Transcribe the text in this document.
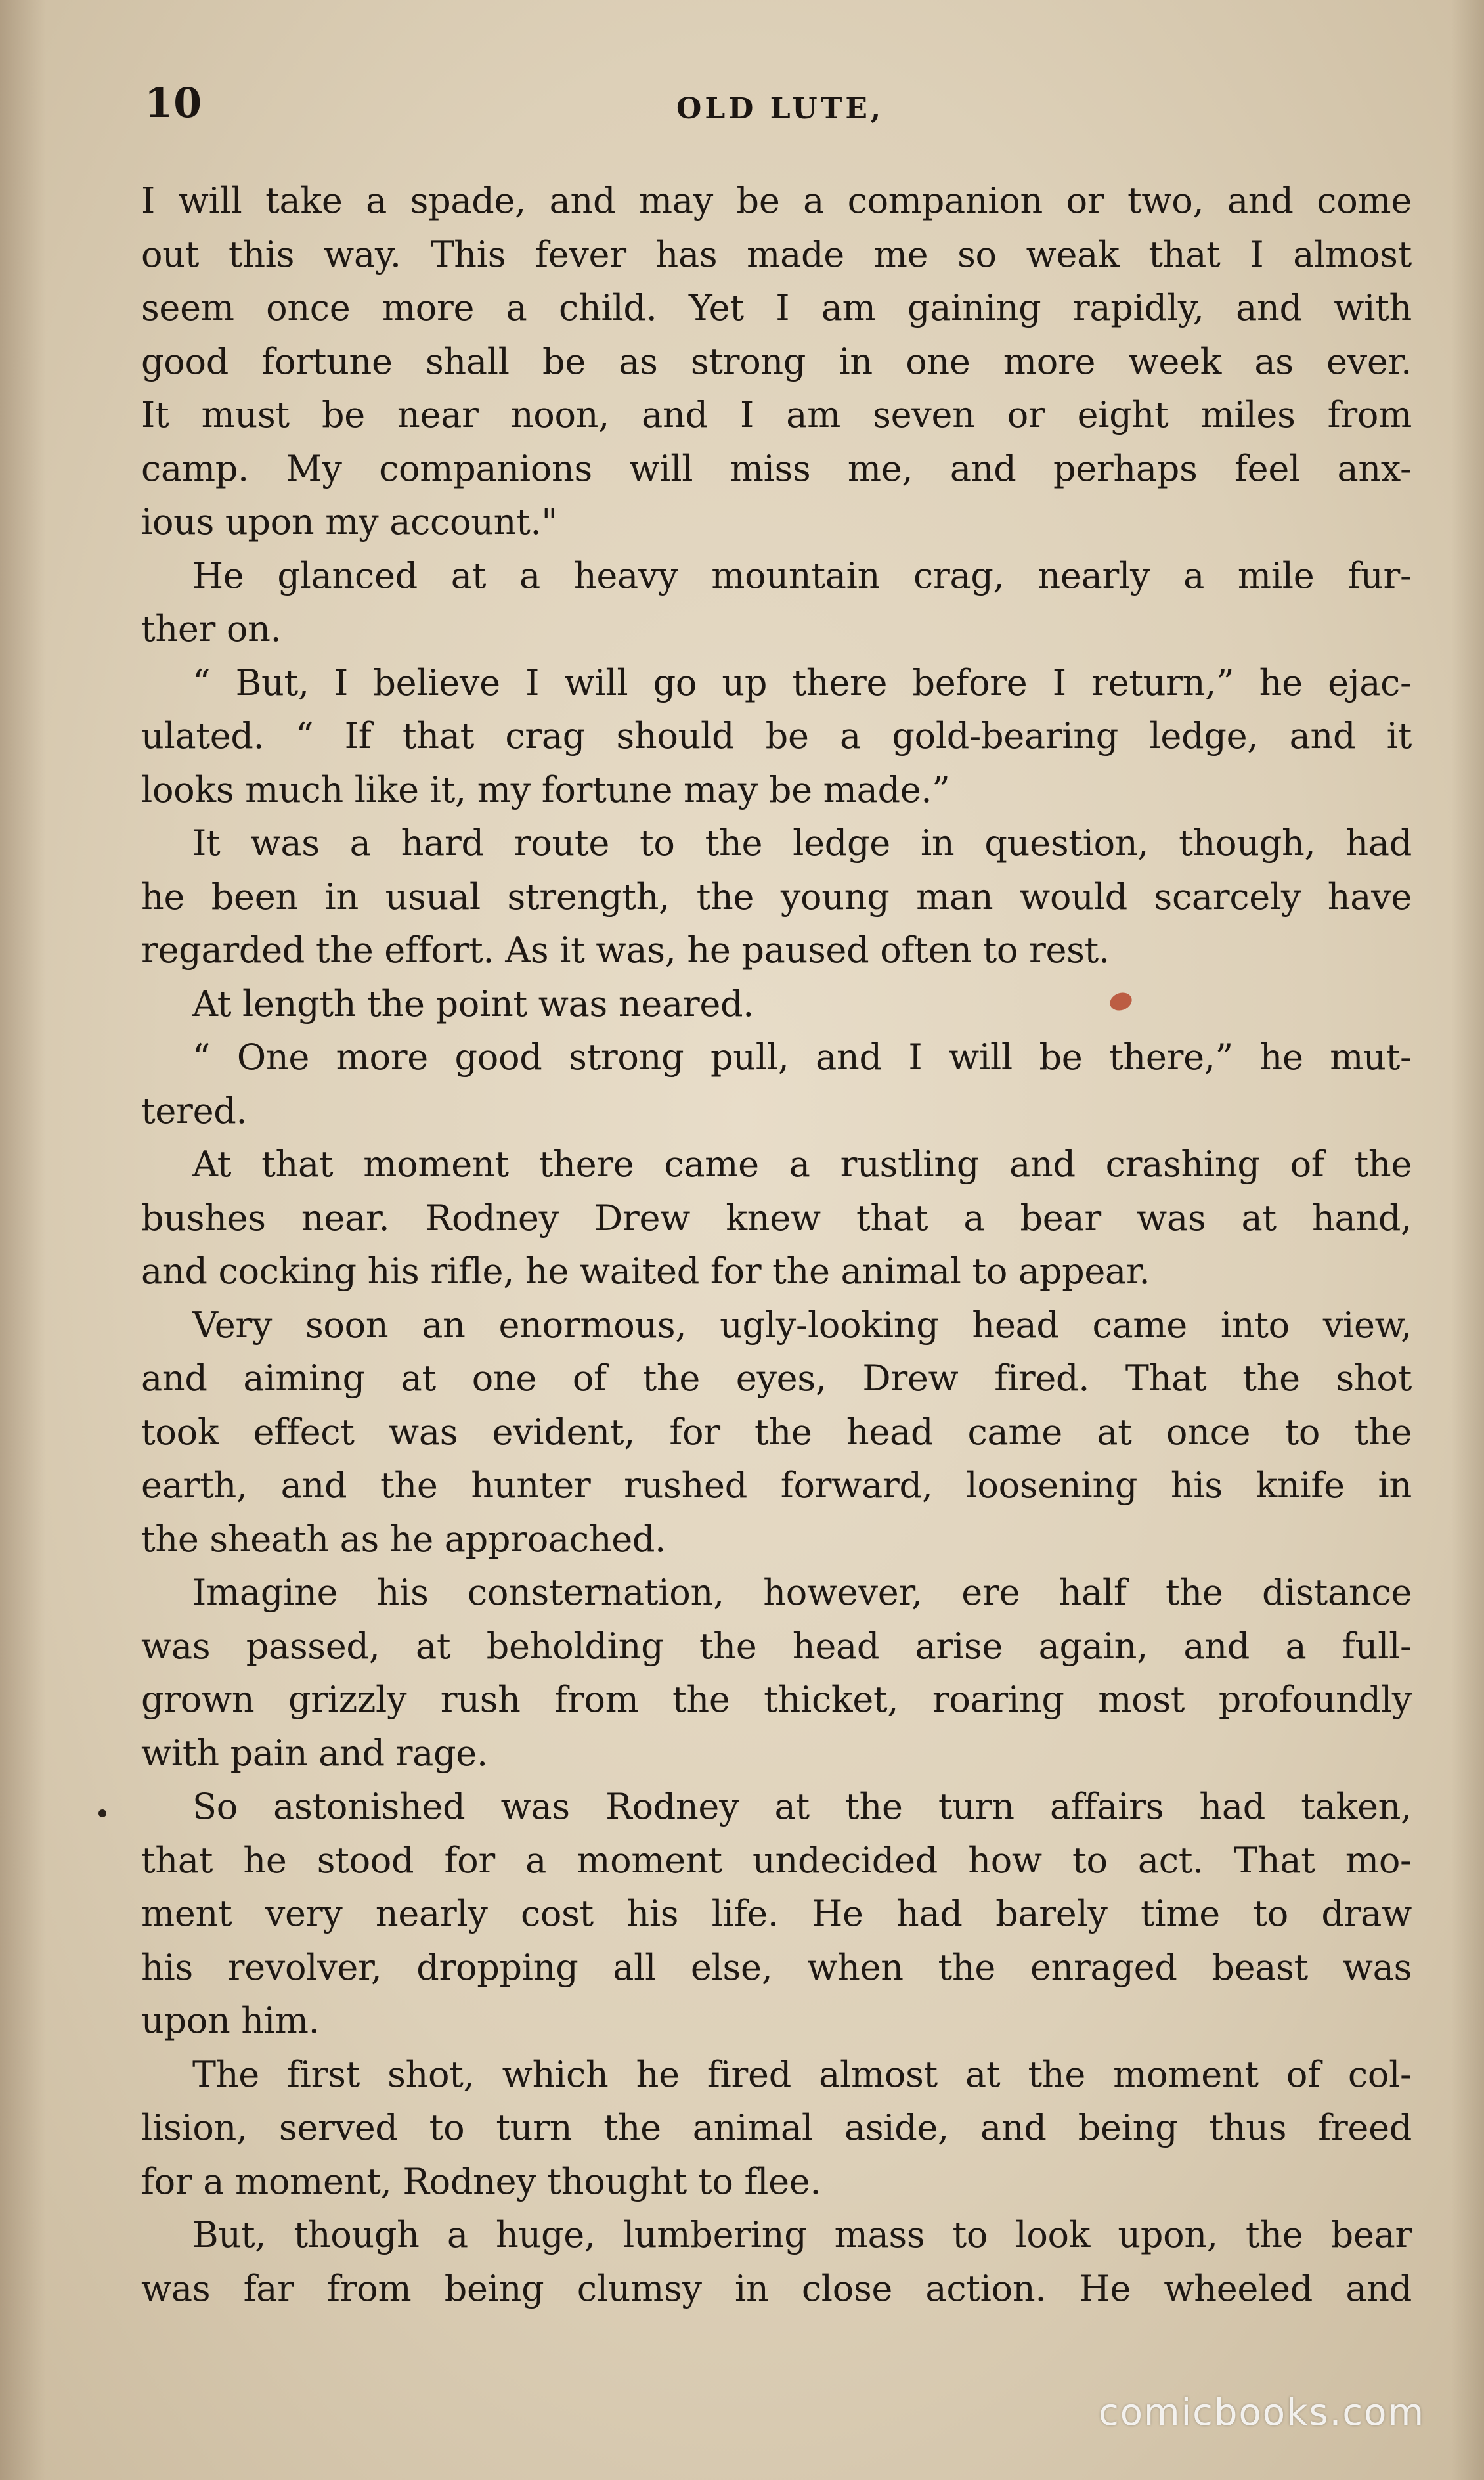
10	OLD LUTE,
I will take a spade, and may be a companion or two, and come
out this way. This fever has made me so weak that I almost
seem once more a child. Yet I am gaining rapidly, and with
good fortune shall be as strong in one more week as ever.
It must be near noon, and I am seven or eight miles from
camp. My companions will miss me, and perhaps feel anx-
ious upon my account."
He glanced at a heavy mountain crag, nearly a mile fur-
ther on.
“ But, I believe I will go up there before I return,” he ejac-
ulated. “ If that crag should be a gold-bearing ledge, and it
looks much like it, my fortune may be made.”
It was a hard route to the ledge in question, though, had
he been in usual strength, the young man would scarcely have
regarded the effort. As it was, he paused often to rest.
At length the point was neared.
“ One more good strong pull, and I will be there,” he mut-
tered.
At that moment there came a rustling and crashing of the
bushes near. Rodney Drew knew that a bear was at hand,
and cocking his rifle, he waited for the animal to appear.
Very soon an enormous, ugly-looking head came into view,
and aiming at one of the eyes, Drew fired. That the shot
took effect was evident, for the head came at once to the
earth, and the hunter rushed forward, loosening his knife in
the sheath as he approached.
Imagine his consternation, however, ere half the distance
was passed, at beholding the head arise again, and a full-
grown grizzly rush from the thicket, roaring most profoundly
with pain and rage.
So astonished was Rodney at the turn affairs had taken,
that he stood for a moment undecided how to act. That mo-
ment very nearly cost his life. He had barely time to draw
his revolver, dropping all else, when the enraged beast was
upon him.
The first shot, which he fired almost at the moment of col-
lision, served to turn the animal aside, and being thus freed
for a moment, Rodney thought to flee.
But, though a huge, lumbering mass to look upon, the bear
was far from being clumsy in close action. He wheeled and
comicbooks.com
